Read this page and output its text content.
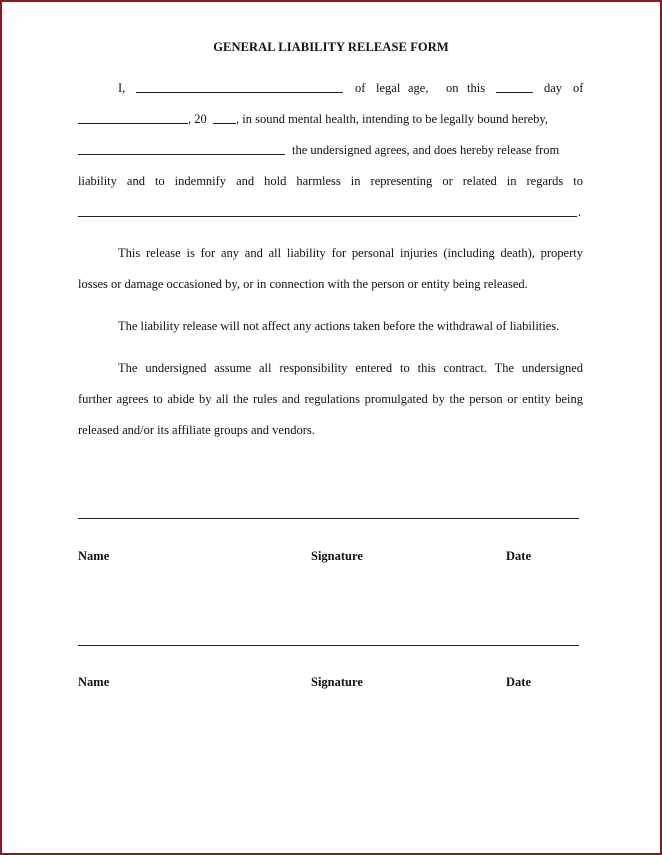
GENERAL LIABILITY RELEASE FORM

I,	of legal age, on this	day of

, 20 , in sound mental health, intending to be legally bound hereby,

the undersigned agrees, and does hereby release from

liability and to indemnify and hold harmless in representing or related in regards to

.

This release is for any and all liability for personal injuries (including death), property

losses or damage occasioned by, or in connection with the person or entity being released.

The liability release will not affect any actions taken before the withdrawal of liabilities.

The undersigned assume all responsibility entered to this contract. The undersigned

further agrees to abide by all the rules and regulations promulgated by the person or entity being

released and/or its affiliate groups and vendors.

Name	Signature	Date

Name	Signature	Date
